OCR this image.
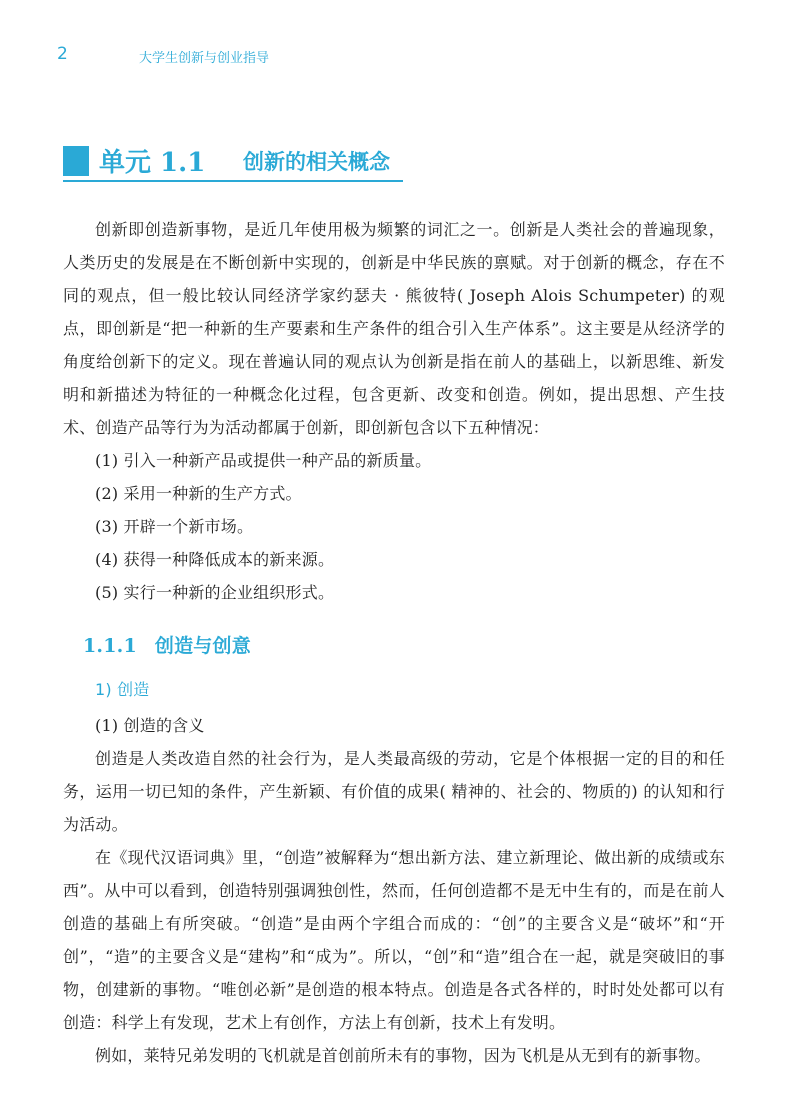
2	大学生创新与创业指导
单元 1.1 创新的相关概念

创新即创造新事物，是近几年使用极为频繁的词汇之一。创新是人类社会的普遍现象，人类历史的发展是在不断创新中实现的，创新是中华民族的禀赋。对于创新的概念，存在不同的观点，但一般比较认同经济学家约瑟夫 · 熊彼特( Joseph Alois Schumpeter) 的观点，即创新是“把一种新的生产要素和生产条件的组合引入生产体系”。这主要是从经济学的角度给创新下的定义。现在普遍认同的观点认为创新是指在前人的基础上，以新思维、新发明和新描述为特征的一种概念化过程，包含更新、改变和创造。例如，提出思想、产生技术、创造产品等行为为活动都属于创新，即创新包含以下五种情况：

(1) 引入一种新产品或提供一种产品的新质量。

(2) 采用一种新的生产方式。

(3) 开辟一个新市场。

(4) 获得一种降低成本的新来源。

(5) 实行一种新的企业组织形式。

1.1.1 创造与创意
1) 创造

(1) 创造的含义

创造是人类改造自然的社会行为，是人类最高级的劳动，它是个体根据一定的目的和任务，运用一切已知的条件，产生新颖、有价值的成果( 精神的、社会的、物质的) 的认知和行为活动。

在《现代汉语词典》里，“创造”被解释为“想出新方法、建立新理论、做出新的成绩或东西”。从中可以看到，创造特别强调独创性，然而，任何创造都不是无中生有的，而是在前人创造的基础上有所突破。“创造”是由两个字组合而成的：“创”的主要含义是“破坏”和“开创”，“造”的主要含义是“建构”和“成为”。所以，“创”和“造”组合在一起，就是突破旧的事物，创建新的事物。“唯创必新”是创造的根本特点。创造是各式各样的，时时处处都可以有创造：科学上有发现，艺术上有创作，方法上有创新，技术上有发明。

例如，莱特兄弟发明的飞机就是首创前所未有的事物，因为飞机是从无到有的新事物。
